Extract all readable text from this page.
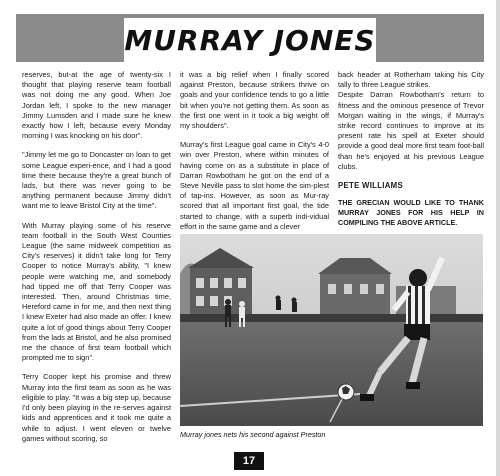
MURRAY JONES

reserves, but-at the age of twenty-six I thought that playing reserve team football was not doing me any good. When Joe Jordan left, I spoke to the new manager Jimmy Lumsden and I made sure he knew exactly how I left, because every Monday morning I was knocking on his door".

"Jimmy let me go to Doncaster on loan to get some League experi-ence, and I had a good time there because they're a great bunch of lads, but there was never going to be anything permanent because Jimmy didn't want me to leave Bristol City at the time".

With Murray playing some of his reserve team football in the South West Counties League (the same midweek competition as City's reserves) it didn't take long for Terry Cooper to notice Murray's ability, "I knew people were watching me, and somebody had tipped me off that Terry Cooper was interested. Then, around Christmas time, Hereford came in for me, and then next thing I knew Exeter had also made an offer. I knew quite a lot of good things about Terry Cooper from the lads at Bristol, and he also promised me the chance of first team football which prompted me to sign".

Terry Cooper kept his promise and threw Murray into the first team as soon as he was eligible to play. "It was a big step up, because I'd only been playing in the re-serves against kids and apprentices and it took me quite a while to adjust. I went eleven or twelve games without scoring, so

it was a big relief when I finally scored against Preston, because strikers thrive on goals and your confidence tends to go a little bit when you're not getting them. As soon as the first one went in it took a big weight off my shoulders".

Murray's first League goal came in City's 4-0 win over Preston, where within minutes of having come on as a substitute in place of Darran Rowbotham he got on the end of a Steve Neville pass to slot home the sim-plest of tap-ins. However, as soon as Mur-ray scored that all important first goal, the tide started to change, with a superb indi-vidual effort in the same game and a clever

back header at Rotherham taking his City tally to three League strikes.

Despite Darran Rowbotham's return to fitness and the ominous presence of Trevor Morgan waiting in the wings, if Murray's strike record continues to improve at its present rate his spell at Exeter should provide a good deal more first team foot-ball than he's enjoyed at his previous League clubs.

PETE WILLIAMS
THE GRECIAN WOULD LIKE TO THANK MURRAY JONES FOR HIS HELP IN COMPILING THE ABOVE ARTICLE.
Murray jones nets his second against Preston
17
